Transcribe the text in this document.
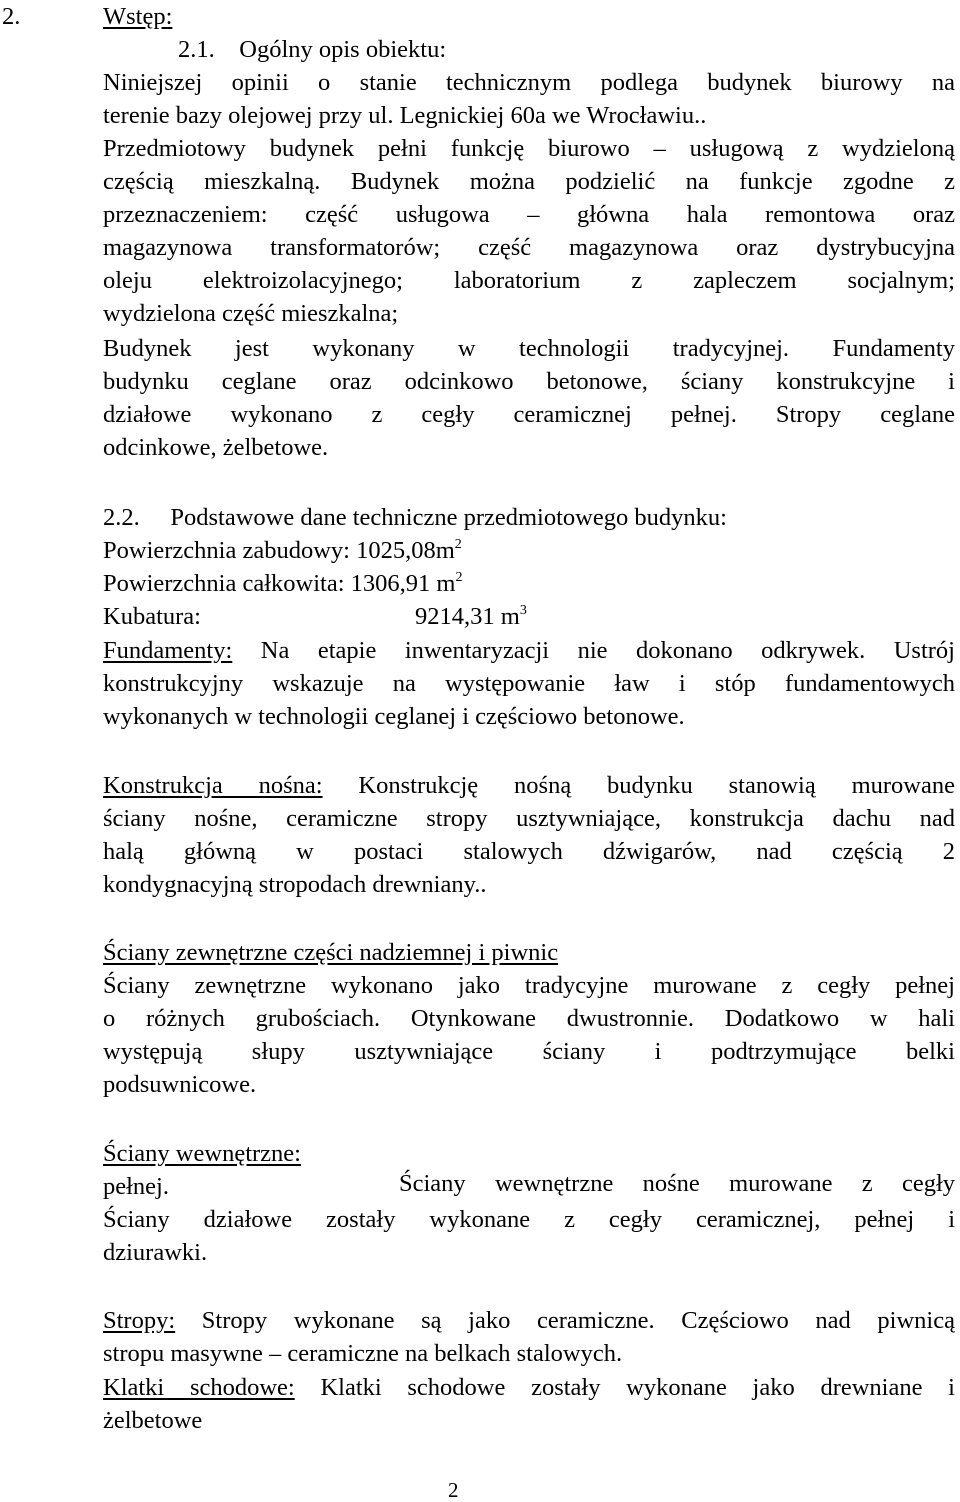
2.	Wstęp:
2.1. Ogólny opis obiektu:
Niniejszej opinii o stanie technicznym podlega budynek biurowy na
terenie bazy olejowej przy ul. Legnickiej 60a we Wrocławiu..
Przedmiotowy budynek pełni funkcję biurowo – usługową z wydzieloną
częścią mieszkalną. Budynek można podzielić na funkcje zgodne z
przeznaczeniem: część usługowa – główna hala remontowa oraz
magazynowa transformatorów; część magazynowa oraz dystrybucyjna
oleju elektroizolacyjnego; laboratorium z zapleczem socjalnym;
wydzielona część mieszkalna;
Budynek jest wykonany w technologii tradycyjnej. Fundamenty
budynku ceglane oraz odcinkowo betonowe, ściany konstrukcyjne i
działowe wykonano z cegły ceramicznej pełnej. Stropy ceglane
odcinkowe, żelbetowe.
2.2. Podstawowe dane techniczne przedmiotowego budynku:
Powierzchnia zabudowy: $1025,08m^2$
Powierzchnia całkowita: 1306,91 $m^2$
Kubatura:	9214,31 $m^3$
Fundamenty: Na etapie inwentaryzacji nie dokonano odkrywek. Ustrój
konstrukcyjny wskazuje na występowanie ław i stóp fundamentowych
wykonanych w technologii ceglanej i częściowo betonowe.
Konstrukcja nośna: Konstrukcję nośną budynku stanowią murowane
ściany nośne, ceramiczne stropy usztywniające, konstrukcja dachu nad
halą główną w postaci stalowych dźwigarów, nad częścią 2
kondygnacyjną stropodach drewniany..
Ściany zewnętrzne części nadziemnej i piwnic
Ściany zewnętrzne wykonano jako tradycyjne murowane z cegły pełnej
o różnych grubościach. Otynkowane dwustronnie. Dodatkowo w hali
występują słupy usztywniające ściany i podtrzymujące belki
podsuwnicowe.
Ściany wewnętrzne:
Ściany wewnętrzne nośne murowane z cegły
pełnej.
Ściany działowe zostały wykonane z cegły ceramicznej, pełnej i
dziurawki.
Stropy: Stropy wykonane są jako ceramiczne. Częściowo nad piwnicą
stropu masywne – ceramiczne na belkach stalowych.
Klatki schodowe: Klatki schodowe zostały wykonane jako drewniane i
żelbetowe
2
